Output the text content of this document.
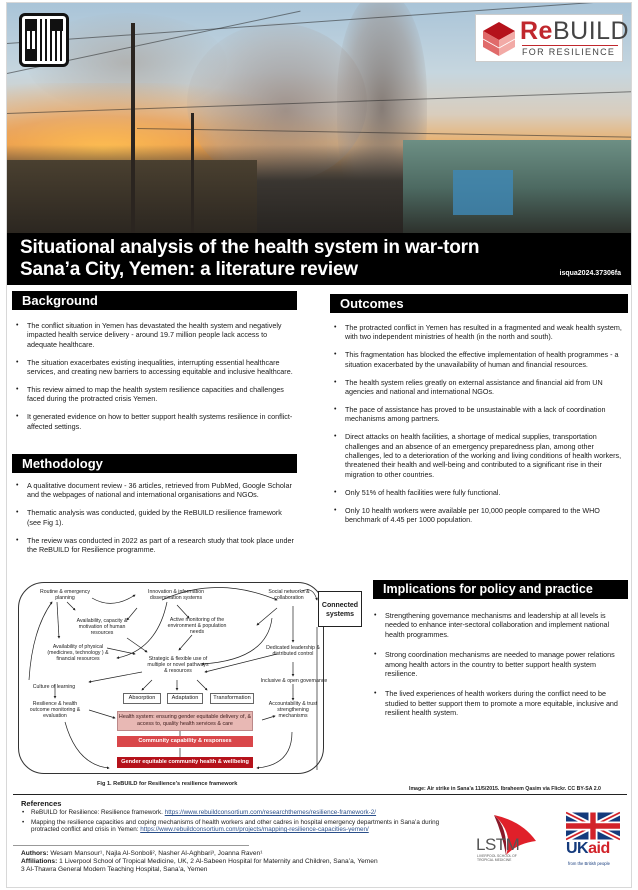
ReBUILD
FOR RESILIENCE
Situational analysis of the health system in war-torn
Sana’a City, Yemen: a literature review	isqua2024.37306fa
Background
• The conflict situation in Yemen has devastated the health system and negatively impacted health service delivery - around 19.7 million people lack access to adequate healthcare.
• The situation exacerbates existing inequalities, interrupting essential healthcare services, and creating new barriers to accessing equitable and inclusive healthcare.
• This review aimed to map the health system resilience capacities and challenges faced during the protracted crisis Yemen.
• It generated evidence on how to better support health systems resilience in conflict-affected settings.
Methodology
• A qualitative document review - 36 articles, retrieved from PubMed, Google Scholar and the webpages of national and international organisations and NGOs.
• Thematic analysis was conducted, guided by the ReBUILD resilience framework (see Fig 1).
• The review was conducted in 2022 as part of a research study that took place under the ReBUILD for Resilience programme.
Outcomes
• The protracted conflict in Yemen has resulted in a fragmented and weak health system, with two independent ministries of health (in the north and south).
• This fragmentation has blocked the effective implementation of health programmes - a situation exacerbated by the unavailability of human and financial resources.
• The health system relies greatly on external assistance and financial aid from UN agencies and national and international NGOs.
• The pace of assistance has proved to be unsustainable with a lack of coordination mechanisms among partners.
• Direct attacks on health facilities, a shortage of medical supplies, transportation challenges and an absence of an emergency preparedness plan, among other challenges, led to a deterioration of the working and living conditions of health workers, threatened their health and well-being and contributed to a significant rise in their migration to other countries.
• Only 51% of health facilities were fully functional.
• Only 10 health workers were available per 10,000 people compared to the WHO benchmark of 4.45 per 1000 population.
Implications for policy and practice
• Strengthening governance mechanisms and leadership at all levels is needed to enhance inter-sectoral collaboration and implement national health programmes.
• Strong coordination mechanisms are needed to manage power relations among health actors in the country to better support health system resilience.
• The lived experiences of health workers during the conflict need to be studied to better support them to promote a more equitable, inclusive and resilient health system.
Routine & emergency planning
Innovation & information dissemination systems
Social networks & collaboration
Availability, capacity & motivation of human resources
Active monitoring of the environment & population needs
Availability of physical (medicines, technology ) & financial resources	Strategic & flexible use of multiple or novel pathways & resources
Dedicated leadership & distributed control
Culture of learning
Inclusive & open governance
Resilience & health outcome monitoring & evaluation
Accountability & trust strengthening mechanisms
Absorption	Adaptation	Transformation
Health system: ensuring gender equitable delivery of, & access to, quality health services & care
Community capability & responses
Gender equitable community health & wellbeing
Connected systems
Fig 1. ReBUILD for Resilience’s resilience framework
Image: Air strike in Sana’a 11/5/2015. Ibraheem Qasim via Flickr. CC BY-SA 2.0
References
• ReBUILD for Resilience: Resilience framework. https://www.rebuildconsortium.com/researchthemes/resilience-framework-2/
• Mapping the resilience capacities and coping mechanisms of health workers and other cadres in hospital emergency departments in Sana’a during protracted conflict and crisis in Yemen: https://www.rebuildconsortium.com/projects/mapping-resilience-capacities-yemen/
Authors: Wesam Mansour¹, Najla Al-Sonboli², Nasher Al-Aghbari³, Joanna Raven¹
Affiliations: 1 Liverpool School of Tropical Medicine, UK, 2 Al-Sabeen Hospital for Maternity and Children, Sana’a, Yemen
3 Al-Thawra General Modern Teaching Hospital, Sana’a, Yemen
LSTM
LIVERPOOL SCHOOL OF TROPICAL MEDICINE
UKaid
from the British people
